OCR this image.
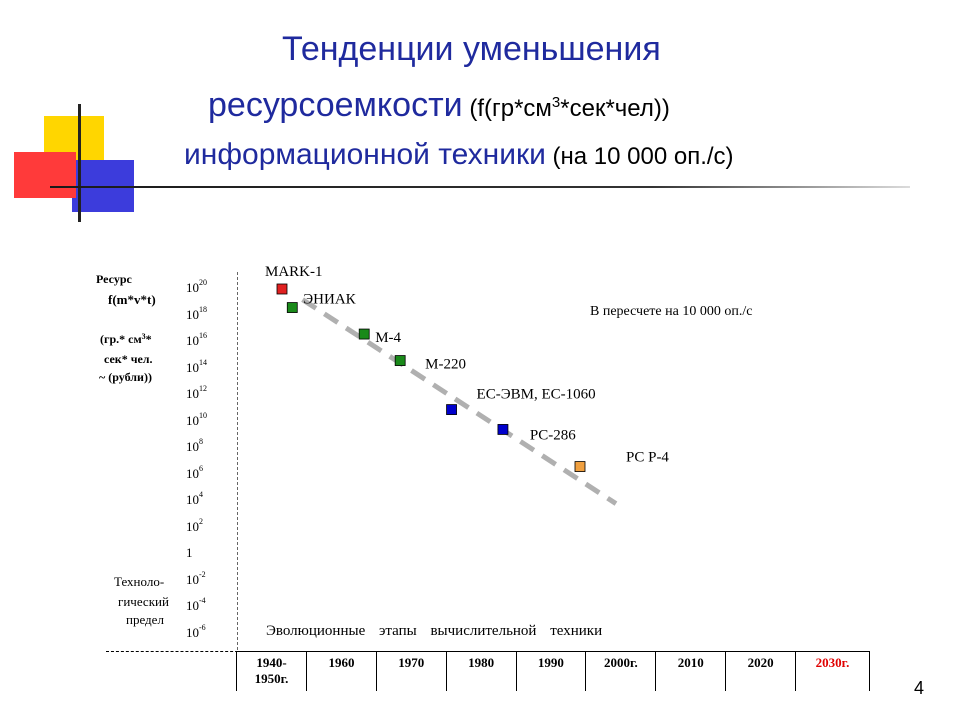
Тенденции уменьшения
ресурсоемкости $(f(гр*см^3*сек*чел))$
информационной техники (на 10 000 оп./с)
Ресурс
f(m*v*t)
(гр.* $см^3*$
сек* чел.
~ (рубли))
$10^{20}$
$10^{18}$
$10^{16}$
$10^{14}$
$10^{12}$
$10^{10}$
$10^8$
$10^6$
$10^4$
$10^2$
1
$10^{-2}$
$10^{-4}$
$10^{-6}$
Техноло-
гический
предел
В пересчете на 10 000 оп./с
Эволюционные этапы вычислительной техники
MARK-1
ЭНИАК
М-4
М-220
ЕС-ЭВМ, ЕС-1060
PC-286
PC P-4
1940-
1950г.
	1960	1970	1980	1990	2000г.	2010	2020	2030г.
4
